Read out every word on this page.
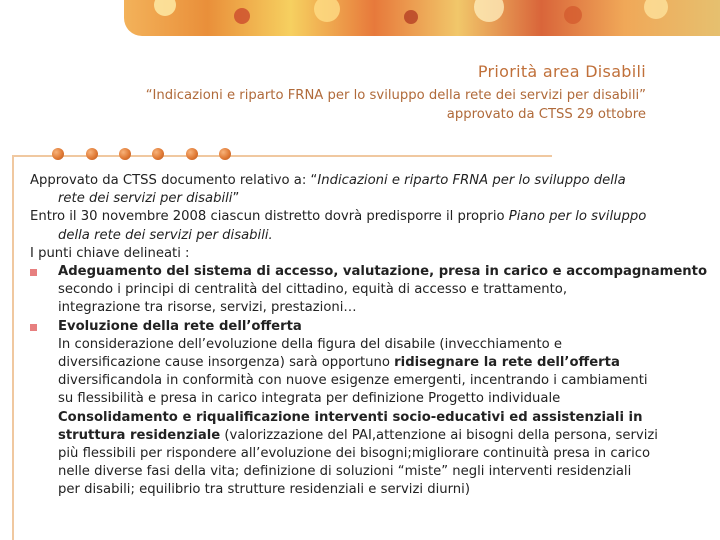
Priorità area Disabili
“Indicazioni e riparto FRNA per lo sviluppo della rete dei servizi per disabili”
approvato da CTSS 29 ottobre

Approvato da CTSS documento relativo a: “Indicazioni e riparto FRNA per lo sviluppo della

rete dei servizi per disabili”

Entro il 30 novembre 2008 ciascun distretto dovrà predisporre il proprio Piano per lo sviluppo

della rete dei servizi per disabili.

I punti chiave delineati :

Adeguamento del sistema di accesso, valutazione, presa in carico e accompagnamento

secondo i principi di centralità del cittadino, equità di accesso e trattamento,

integrazione tra risorse, servizi, prestazioni…

Evoluzione della rete dell’offerta

In considerazione dell’evoluzione della figura del disabile (invecchiamento e

diversificazione cause insorgenza) sarà opportuno ridisegnare la rete dell’offerta

diversificandola in conformità con nuove esigenze emergenti, incentrando i cambiamenti

su flessibilità e presa in carico integrata per definizione Progetto individuale

Consolidamento e riqualificazione interventi socio-educativi ed assistenziali in

struttura residenziale (valorizzazione del PAI,attenzione ai bisogni della persona, servizi

più flessibili per rispondere all’evoluzione dei bisogni;migliorare continuità presa in carico

nelle diverse fasi della vita; definizione di soluzioni “miste” negli interventi residenziali

per disabili; equilibrio tra strutture residenziali e servizi diurni)
